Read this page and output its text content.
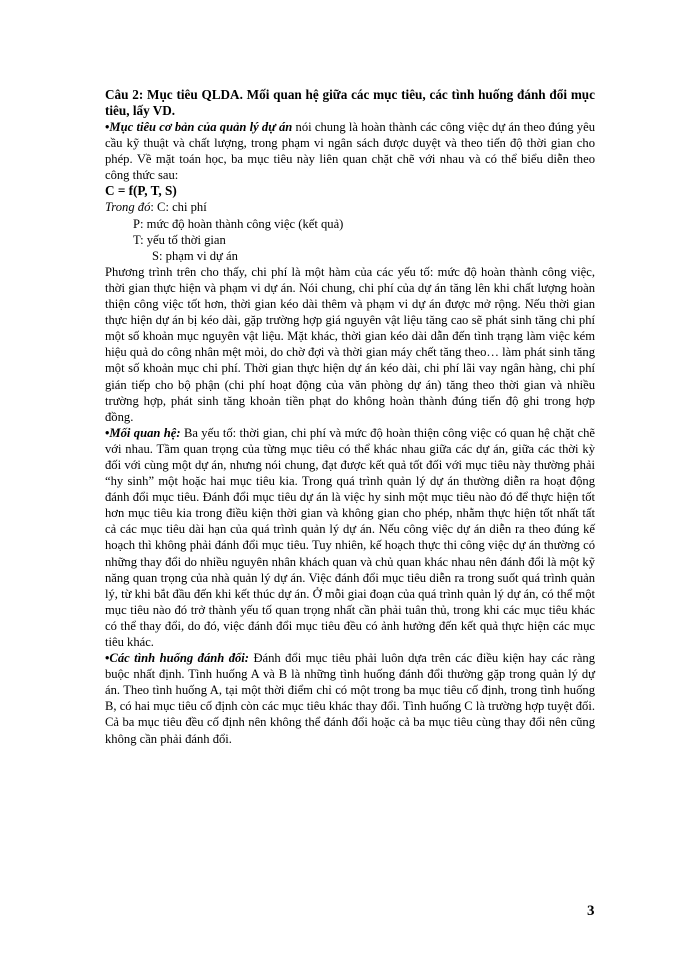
Câu 2: Mục tiêu QLDA. Mối quan hệ giữa các mục tiêu, các tình huống đánh đổi mục tiêu, lấy VD.

•Mục tiêu cơ bản của quản lý dự án nói chung là hoàn thành các công việc dự án theo đúng yêu cầu kỹ thuật và chất lượng, trong phạm vi ngân sách được duyệt và theo tiến độ thời gian cho phép. Về mặt toán học, ba mục tiêu này liên quan chặt chẽ với nhau và có thể biểu diễn theo công thức sau:

C = f(P, T, S)

Trong đó: C: chi phí

P: mức độ hoàn thành công việc (kết quả)

T: yếu tố thời gian

S: phạm vi dự án

Phương trình trên cho thấy, chi phí là một hàm của các yếu tố: mức độ hoàn thành công việc, thời gian thực hiện và phạm vi dự án. Nói chung, chi phí của dự án tăng lên khi chất lượng hoàn thiện công việc tốt hơn, thời gian kéo dài thêm và phạm vi dự án được mở rộng. Nếu thời gian thực hiện dự án bị kéo dài, gặp trường hợp giá nguyên vật liệu tăng cao sẽ phát sinh tăng chi phí một số khoản mục nguyên vật liệu. Mặt khác, thời gian kéo dài dẫn đến tình trạng làm việc kém hiệu quả do công nhân mệt mỏi, do chờ đợi và thời gian máy chết tăng theo… làm phát sinh tăng một số khoản mục chi phí. Thời gian thực hiện dự án kéo dài, chi phí lãi vay ngân hàng, chi phí gián tiếp cho bộ phận (chi phí hoạt động của văn phòng dự án) tăng theo thời gian và nhiều trường hợp, phát sinh tăng khoản tiền phạt do không hoàn thành đúng tiến độ ghi trong hợp đồng.

•Mối quan hệ: Ba yếu tố: thời gian, chi phí và mức độ hoàn thiện công việc có quan hệ chặt chẽ với nhau. Tầm quan trọng của từng mục tiêu có thể khác nhau giữa các dự án, giữa các thời kỳ đối với cùng một dự án, nhưng nói chung, đạt được kết quả tốt đối với mục tiêu này thường phải “hy sinh” một hoặc hai mục tiêu kia. Trong quá trình quản lý dự án thường diễn ra hoạt động đánh đổi mục tiêu. Đánh đổi mục tiêu dự án là việc hy sinh một mục tiêu nào đó để thực hiện tốt hơn mục tiêu kia trong điều kiện thời gian và không gian cho phép, nhằm thực hiện tốt nhất tất cả các mục tiêu dài hạn của quá trình quản lý dự án. Nếu công việc dự án diễn ra theo đúng kế hoạch thì không phải đánh đổi mục tiêu. Tuy nhiên, kế hoạch thực thi công việc dự án thường có những thay đổi do nhiều nguyên nhân khách quan và chủ quan khác nhau nên đánh đổi là một kỹ năng quan trọng của nhà quản lý dự án. Việc đánh đổi mục tiêu diễn ra trong suốt quá trình quản lý, từ khi bắt đầu đến khi kết thúc dự án. Ở mỗi giai đoạn của quá trình quản lý dự án, có thể một mục tiêu nào đó trở thành yếu tố quan trọng nhất cần phải tuân thủ, trong khi các mục tiêu khác có thể thay đổi, do đó, việc đánh đổi mục tiêu đều có ảnh hưởng đến kết quả thực hiện các mục tiêu khác.

•Các tình huống đánh đổi: Đánh đổi mục tiêu phải luôn dựa trên các điều kiện hay các ràng buộc nhất định. Tình huống A và B là những tình huống đánh đổi thường gặp trong quản lý dự án. Theo tình huống A, tại một thời điểm chỉ có một trong ba mục tiêu cố định, trong tình huống B, có hai mục tiêu cố định còn các mục tiêu khác thay đổi. Tình huống C là trường hợp tuyệt đối. Cả ba mục tiêu đều cố định nên không thể đánh đổi hoặc cả ba mục tiêu cùng thay đổi nên cũng không cần phải đánh đổi.

3
